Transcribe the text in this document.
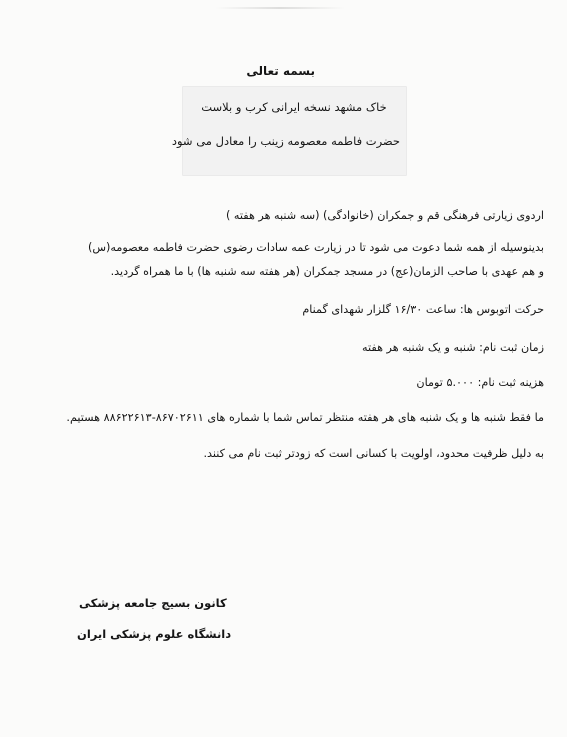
بسمه تعالی
خاک مشهد نسخه ایرانی کرب و بلاست
حضرت فاطمه معصومه زینب را معادل می شود
اردوی زیارتی فرهنگی قم و جمکران (خانوادگی) (سه شنبه هر هفته )
بدینوسیله از همه شما دعوت می شود تا در زیارت عمه سادات رضوی حضرت فاطمه معصومه(س)
و هم عهدی با صاحب الزمان(عج) در مسجد جمکران (هر هفته سه شنبه ها) با ما همراه گردید.
حرکت اتوبوس ها: ساعت ۱۶/۳۰ گلزار شهدای گمنام
زمان ثبت نام: شنبه و یک شنبه هر هفته
هزینه ثبت نام: ۵.۰۰۰ تومان
ما فقط شنبه ها و یک شنبه های هر هفته منتظر تماس شما با شماره های ۸۶۷۰۲۶۱۱-۸۸۶۲۲۶۱۳ هستیم.
به دلیل ظرفیت محدود، اولویت با کسانی است که زودتر ثبت نام می کنند.
کانون بسیج جامعه پزشکی
دانشگاه علوم پزشکی ایران
